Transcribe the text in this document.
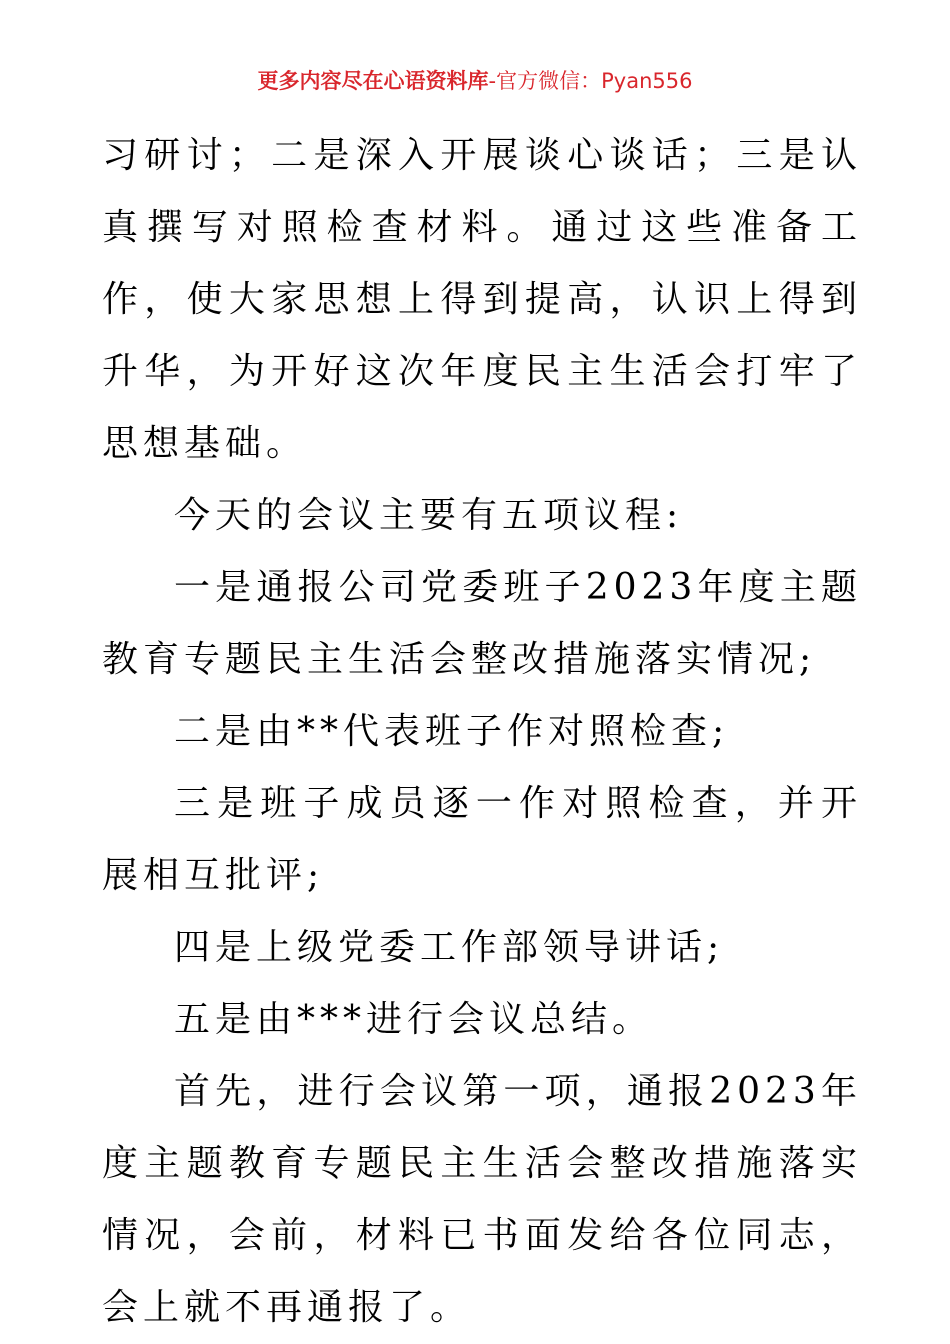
更多内容尽在心语资料库-官方微信：Pyan556

习研讨；二是深入开展谈心谈话；三是认真撰写对照检查材料。通过这些准备工作，使大家思想上得到提高，认识上得到升华，为开好这次年度民主生活会打牢了思想基础。

今天的会议主要有五项议程:

一是通报公司党委班子2023年度主题教育专题民主生活会整改措施落实情况;

二是由**代表班子作对照检查;

三是班子成员逐一作对照检查，并开展相互批评;

四是上级党委工作部领导讲话;

五是由***进行会议总结。

首先，进行会议第一项，通报2023年度主题教育专题民主生活会整改措施落实情况，会前，材料已书面发给各位同志，会上就不再通报了。
